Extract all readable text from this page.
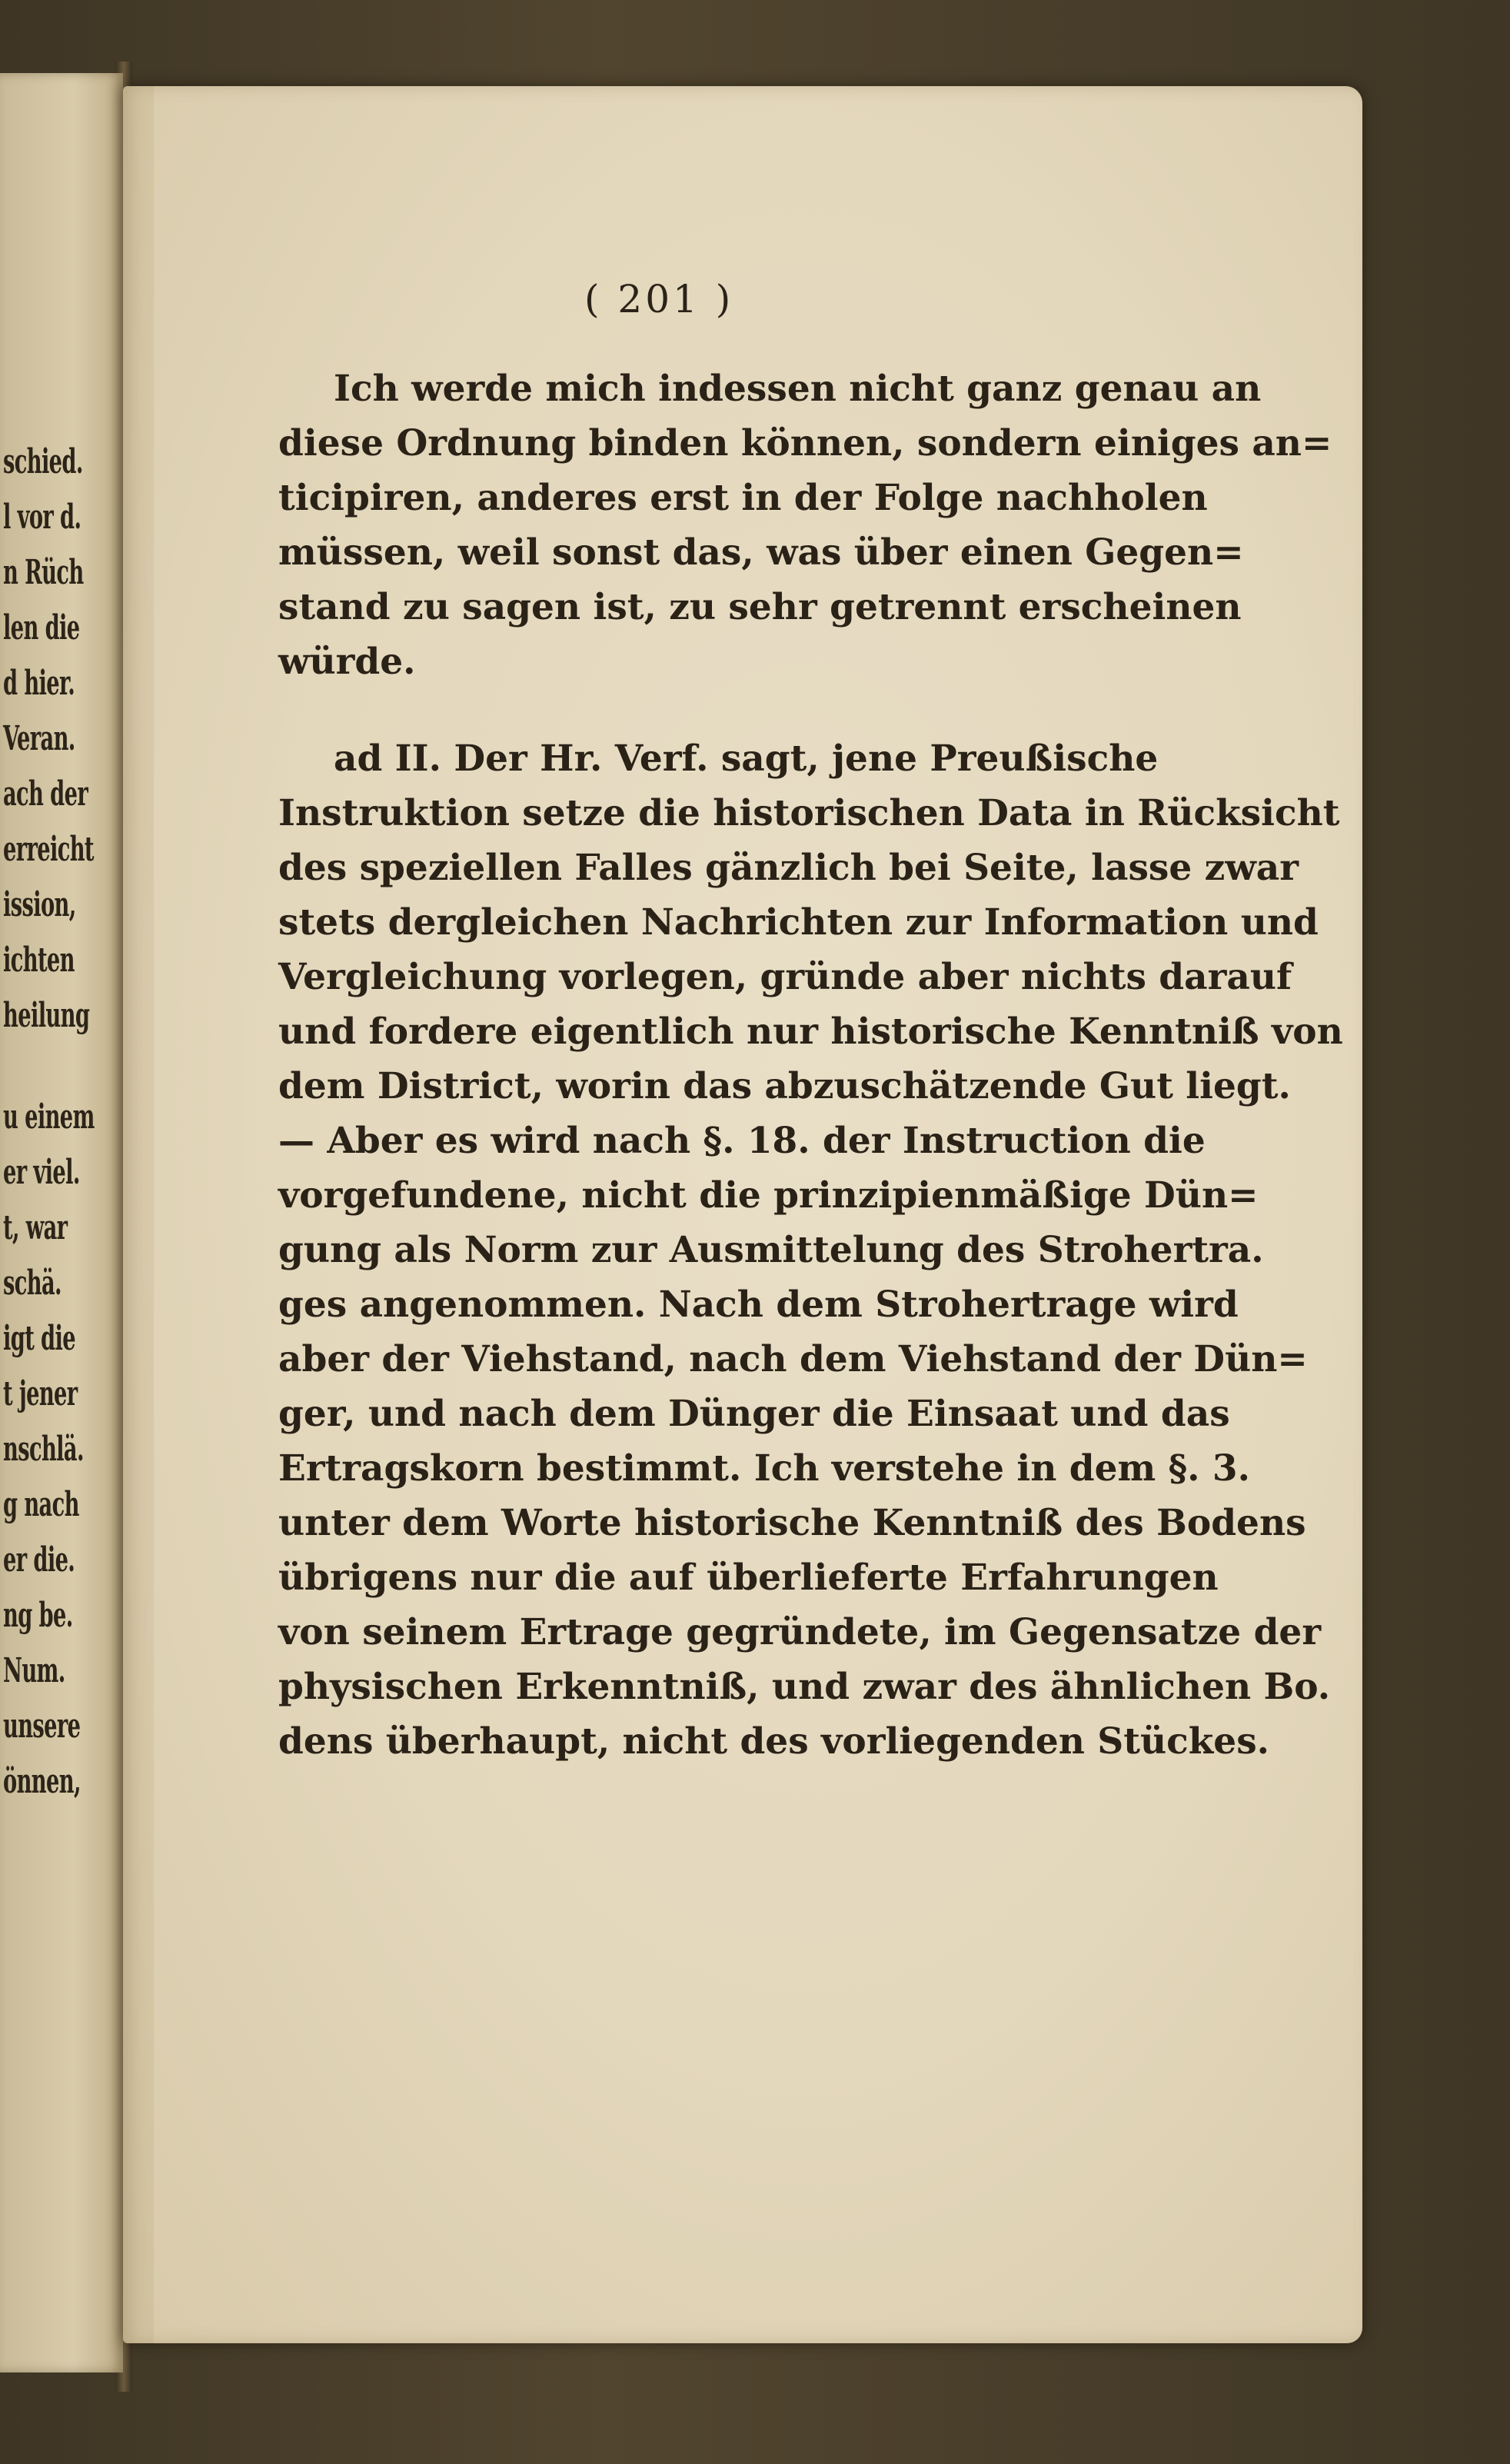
schied.
l vor d.
n Rüch
len die
d hier.
Veran.
ach der
erreicht
ission,
ichten
heilung
u einem
er viel.
t, war
schä.
igt die
t jener
nschlä.
g nach
er die.
ng be.
Num.
unsere
önnen,
( 201 )
Ich werde mich indessen nicht ganz genau an
diese Ordnung binden können, sondern einiges an=
ticipiren, anderes erst in der Folge nachholen
müssen, weil sonst das, was über einen Gegen=
stand zu sagen ist, zu sehr getrennt erscheinen
würde.
ad II. Der Hr. Verf. sagt, jene Preußische
Instruktion setze die historischen Data in Rücksicht
des speziellen Falles gänzlich bei Seite, lasse zwar
stets dergleichen Nachrichten zur Information und
Vergleichung vorlegen, gründe aber nichts darauf
und fordere eigentlich nur historische Kenntniß von
dem District, worin das abzuschätzende Gut liegt.
— Aber es wird nach §. 18. der Instruction die
vorgefundene, nicht die prinzipienmäßige Dün=
gung als Norm zur Ausmittelung des Strohertra.
ges angenommen. Nach dem Strohertrage wird
aber der Viehstand, nach dem Viehstand der Dün=
ger, und nach dem Dünger die Einsaat und das
Ertragskorn bestimmt. Ich verstehe in dem §. 3.
unter dem Worte historische Kenntniß des Bodens
übrigens nur die auf überlieferte Erfahrungen
von seinem Ertrage gegründete, im Gegensatze der
physischen Erkenntniß, und zwar des ähnlichen Bo.
dens überhaupt, nicht des vorliegenden Stückes.
